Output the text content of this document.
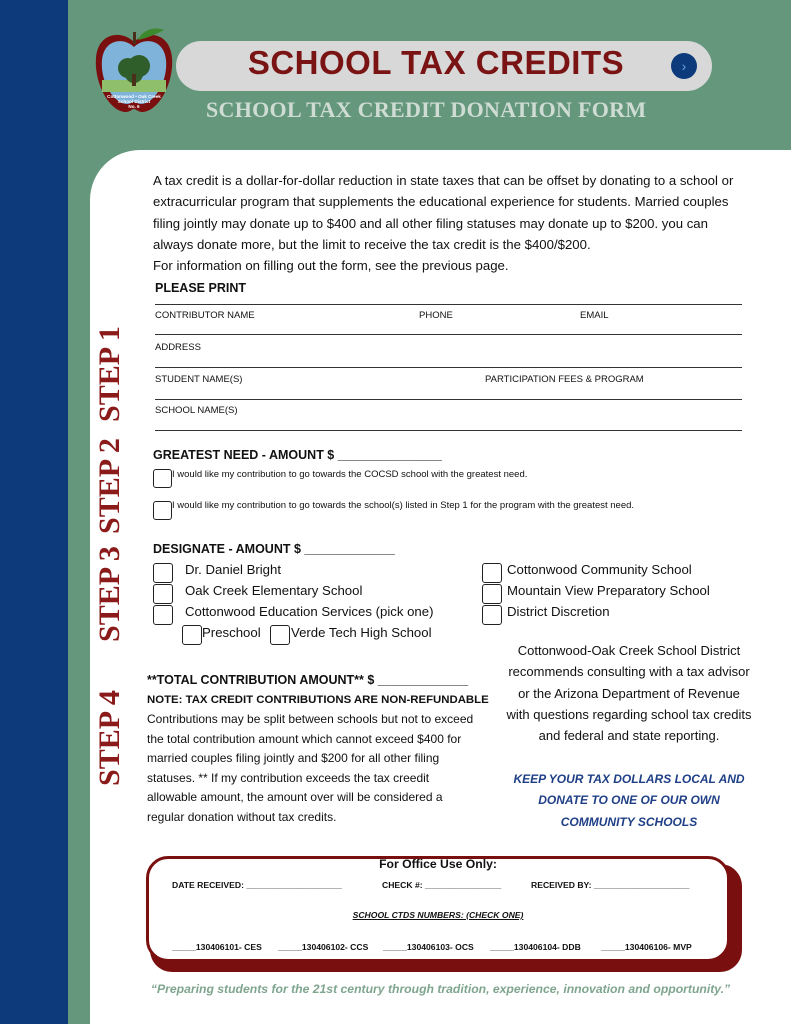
Cottonwood • Oak Creek
School District
No. 6
SCHOOL TAX CREDITS	›
SCHOOL TAX CREDIT DONATION FORM
A tax credit is a dollar-for-dollar reduction in state taxes that can be offset by donating to a school or
extracurricular program that supplements the educational experience for students. Married couples
filing jointly may donate up to $400 and all other filing statuses may donate up to $200. you can
always donate more, but the limit to receive the tax credit is the $400/$200.
For information on filling out the form, see the previous page.
STEP 1
STEP 2
STEP 3
STEP 4
PLEASE PRINT
CONTRIBUTOR NAME	PHONE	EMAIL
ADDRESS
STUDENT NAME(S)	PARTICIPATION FEES & PROGRAM
SCHOOL NAME(S)
GREATEST NEED - AMOUNT $ _______________
I would like my contribution to go towards the COCSD school with the greatest need.
I would like my contribution to go towards the school(s) listed in Step 1 for the program with the greatest need.
DESIGNATE - AMOUNT $ _____________
Dr. Daniel Bright
Oak Creek Elementary School
Cottonwood Education Services (pick one)
Preschool Verde Tech High School
Cottonwood Community School
Mountain View Preparatory School
District Discretion
**TOTAL CONTRIBUTION AMOUNT** $ _____________
NOTE: TAX CREDIT CONTRIBUTIONS ARE NON-REFUNDABLE
Contributions may be split between schools but not to exceed
the total contribution amount which cannot exceed $400 for
married couples filing jointly and $200 for all other filing
statuses. ** If my contribution exceeds the tax creedit
allowable amount, the amount over will be considered a
regular donation without tax credits.
Cottonwood-Oak Creek School District
recommends consulting with a tax advisor
or the Arizona Department of Revenue
with questions regarding school tax credits
and federal and state reporting.
KEEP YOUR TAX DOLLARS LOCAL AND
DONATE TO ONE OF OUR OWN
COMMUNITY SCHOOLS
For Office Use Only:
DATE RECEIVED: ____________________	CHECK #: ________________	RECEIVED BY: ____________________
SCHOOL CTDS NUMBERS: (CHECK ONE)
_____130406101- CES _____130406102- CCS _____130406103- OCS _____130406104- DDB _____130406106- MVP
“Preparing students for the 21st century through tradition, experience, innovation and opportunity.”
